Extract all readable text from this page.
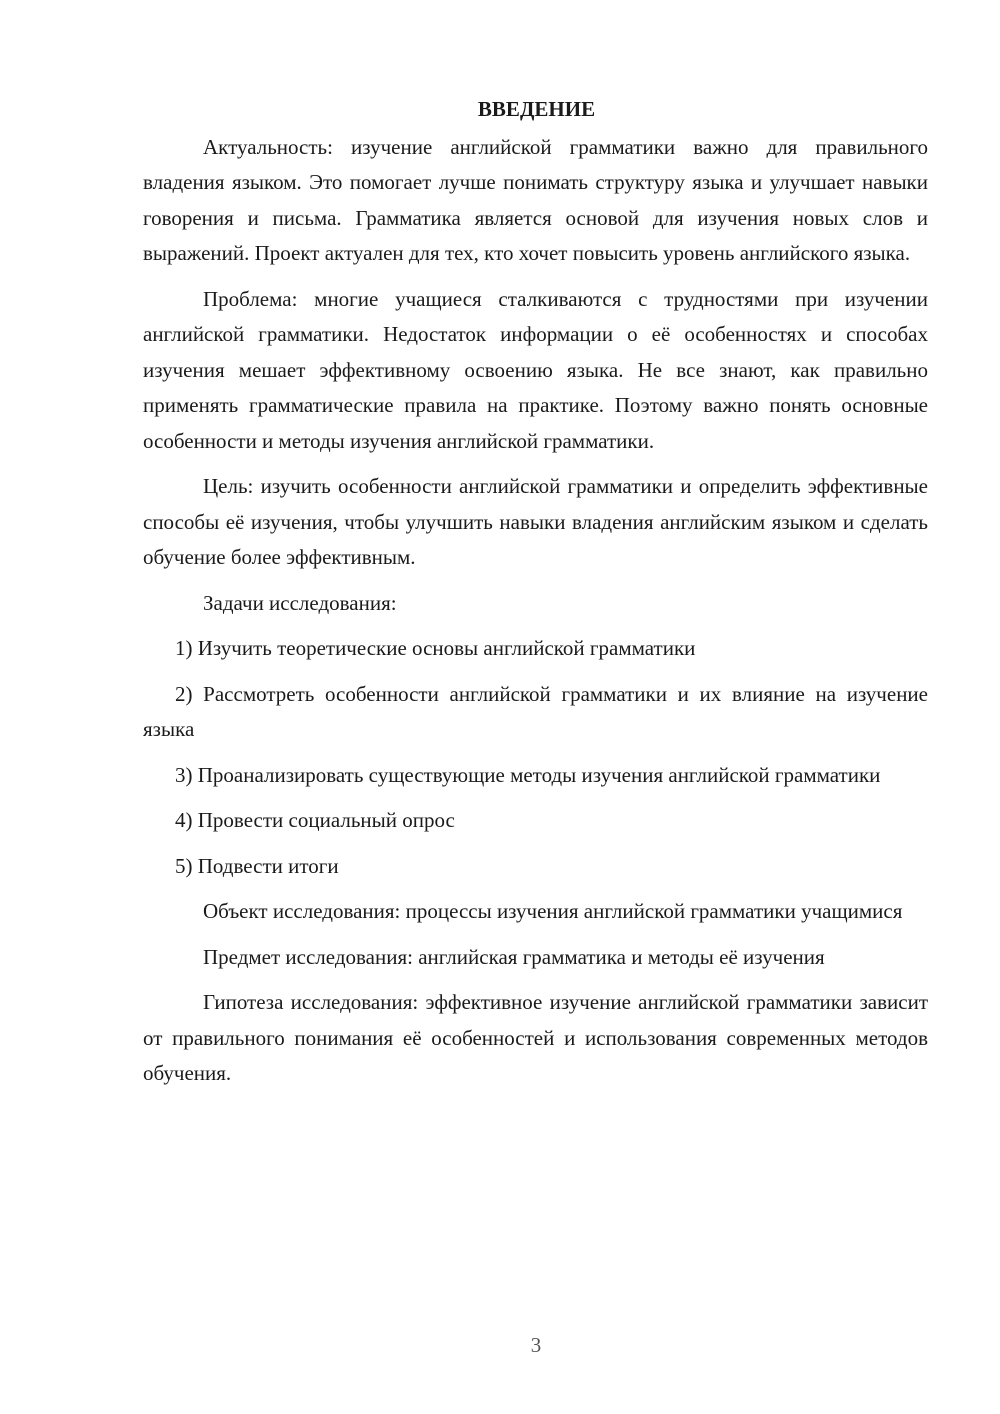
ВВЕДЕНИЕ

Актуальность: изучение английской грамматики важно для правильного владения языком. Это помогает лучше понимать структуру языка и улучшает навыки говорения и письма. Грамматика является основой для изучения новых слов и выражений. Проект актуален для тех, кто хочет повысить уровень английского языка.

Проблема: многие учащиеся сталкиваются с трудностями при изучении английской грамматики. Недостаток информации о её особенностях и способах изучения мешает эффективному освоению языка. Не все знают, как правильно применять грамматические правила на практике. Поэтому важно понять основные особенности и методы изучения английской грамматики.

Цель: изучить особенности английской грамматики и определить эффективные способы её изучения, чтобы улучшить навыки владения английским языком и сделать обучение более эффективным.

Задачи исследования:

1) Изучить теоретические основы английской грамматики

2) Рассмотреть особенности английской грамматики и их влияние на изучение языка

3) Проанализировать существующие методы изучения английской грамматики

4) Провести социальный опрос

5) Подвести итоги

Объект исследования: процессы изучения английской грамматики учащимися

Предмет исследования: английская грамматика и методы её изучения

Гипотеза исследования: эффективное изучение английской грамматики зависит от правильного понимания её особенностей и использования современных методов обучения.

3
